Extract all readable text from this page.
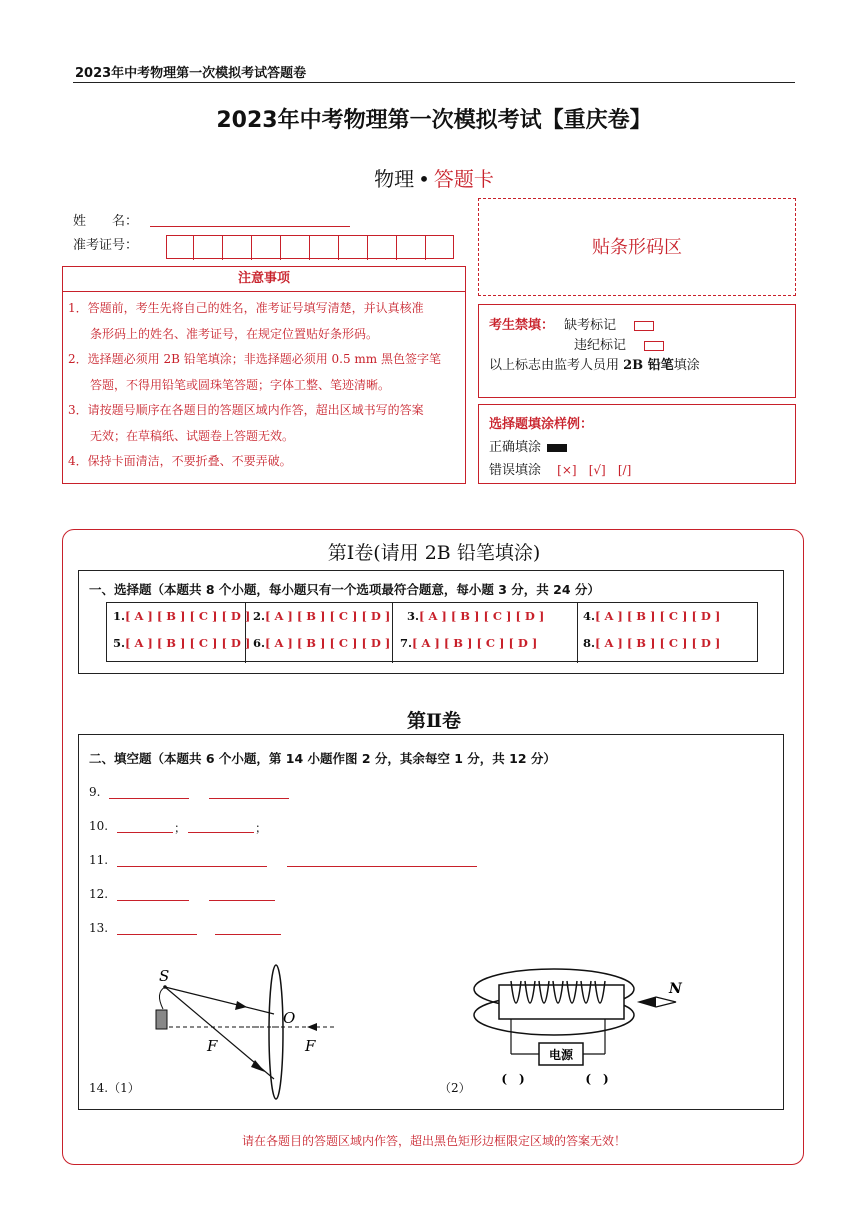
2023年中考物理第一次模拟考试答题卷
2023年中考物理第一次模拟考试【重庆卷】
物理 • 答题卡
姓　　名：
准考证号：	贴条形码区
注意事项

1．答题前，考生先将自己的姓名，准考证号填写清楚，并认真核准

条形码上的姓名、准考证号，在规定位置贴好条形码。

2．选择题必须用 2B 铅笔填涂；非选择题必须用 0.5 mm 黑色签字笔

答题，不得用铅笔或圆珠笔答题；字体工整、笔迹清晰。

3．请按题号顺序在各题目的答题区域内作答，超出区域书写的答案

无效；在草稿纸、试题卷上答题无效。

4．保持卡面清洁，不要折叠、不要弄破。

考生禁填： 缺考标记
违纪标记
以上标志由监考人员用 2B 铅笔填涂
选择题填涂样例：
正确填涂
错误填涂 [×] [√] [/]
第Ⅰ卷(请用 2B 铅笔填涂)
一、选择题（本题共 8 个小题，每小题只有一个选项最符合题意，每小题 3 分，共 24 分）
1.[ A ] [ B ] [ C ] [ D ] 2.[ A ] [ B ] [ C ] [ D ] 3.[ A ] [ B ] [ C ] [ D ]	4.[ A ] [ B ] [ C ] [ D ]
5.[ A ] [ B ] [ C ] [ D ] 6.[ A ] [ B ] [ C ] [ D ] 7.[ A ] [ B ] [ C ] [ D ]	8.[ A ] [ B ] [ C ] [ D ]
第Ⅱ卷
二、填空题（本题共 6 个小题，第 14 小题作图 2 分，其余每空 1 分，共 12 分）
9.
10.	；	；
11.
12.
13.
14.（1）	（2）
S
O
F	F	电源
(　)	(　)
N
请在各题目的答题区域内作答，超出黑色矩形边框限定区域的答案无效！
